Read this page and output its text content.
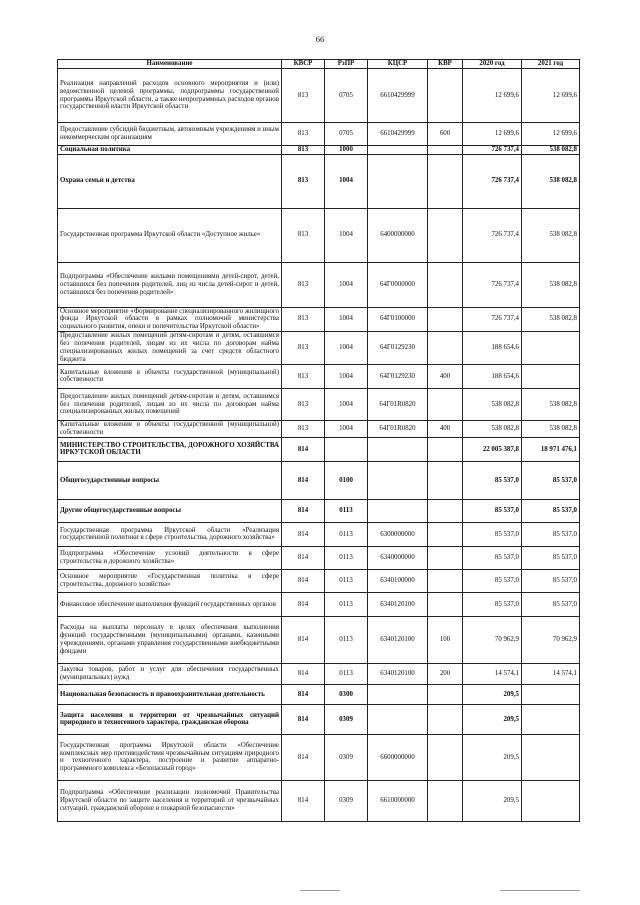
66
Наименование	КВСР	РзПР	КЦСР	КВР	2020 год	2021 год
Реализация направлений расходов основного мероприятия и (или) ведомственной целевой программы, подпрограммы государственной программы Иркутской области, а также непрограммных расходов органов государственной власти Иркутской области	813	0705	6610429999		12 699,6	12 699,6
Предоставление субсидий бюджетным, автономным учреждениям и иным некоммерческим организациям	813	0705	6610429999	600	12 699,6	12 699,6
Социальная политика	813	1000			726 737,4	538 082,8
Охрана семьи и детства	813	1004			726 737,4	538 082,8
Государственная программа Иркутской области «Доступное жилье»	813	1004	6400000000		726 737,4	538 082,8
Подпрограмма «Обеспечение жилыми помещениями детей-сирот, детей, оставшихся без попечения родителей, лиц из числа детей-сирот и детей, оставшихся без попечения родителей»	813	1004	64Г0000000		726 737,4	538 082,8
Основное мероприятие «Формирование специализированного жилищного фонда Иркутской области в рамках полномочий министерства социального развития, опеки и попечительства Иркутской области»	813	1004	64Г0100000		726 737,4	538 082,8
Предоставление жилых помещений детям-сиротам и детям, оставшимся без попечения родителей, лицам из их числа по договорам найма специализированных жилых помещений за счет средств областного бюджета	813	1004	64Г0129230		188 654,6	
Капитальные вложения в объекты государственной (муниципальной) собственности	813	1004	64Г0129230	400	188 654,6	
Предоставление жилых помещений детям-сиротам и детям, оставшимся без попечения родителей, лицам из их числа по договорам найма специализированных жилых помещений	813	1004	64Г01R0820		538 082,8	538 082,8
Капитальные вложения в объекты государственной (муниципальной) собственности	813	1004	64Г01R0820	400	538 082,8	538 082,8
МИНИСТЕРСТВО СТРОИТЕЛЬСТВА, ДОРОЖНОГО ХОЗЯЙСТВА ИРКУТСКОЙ ОБЛАСТИ	814				22 005 387,8	18 971 476,1
Общегосударственные вопросы	814	0100			85 537,0	85 537,0
Другие общегосударственные вопросы	814	0113			85 537,0	85 537,0
Государственная программа Иркутской области «Реализация государственной политики в сфере строительства, дорожного хозяйства»	814	0113	6300000000		85 537,0	85 537,0
Подпрограмма «Обеспечение условий деятельности в сфере строительства и дорожного хозяйства»	814	0113	6340000000		85 537,0	85 537,0
Основное мероприятие «Государственная политика в сфере строительства, дорожного хозяйства»	814	0113	6340100000		85 537,0	85 537,0
Финансовое обеспечение выполнения функций государственных органов	814	0113	6340120100		85 537,0	85 537,0
Расходы на выплаты персоналу в целях обеспечения выполнения функций государственными (муниципальными) органами, казенными учреждениями, органами управления государственными внебюджетными фондами	814	0113	6340120100	100	70 962,9	70 962,9
Закупка товаров, работ и услуг для обеспечения государственных (муниципальных) нужд	814	0113	6340120100	200	14 574,1	14 574,1
Национальная безопасность и правоохранительная деятельность	814	0300			209,5	
Защита населения и территории от чрезвычайных ситуаций природного и техногенного характера, гражданская оборона	814	0309			209,5	
Государственная программа Иркутской области «Обеспечение комплексных мер противодействия чрезвычайным ситуациям природного и техногенного характера, построение и развитие аппаратно-программного комплекса «Безопасный город»	814	0309	6600000000		209,5	
Подпрограмма «Обеспечение реализации полномочий Правительства Иркутской области по защите населения и территорий от чрезвычайных ситуаций, гражданской обороне и пожарной безопасности»	814	0309	6610000000		209,5	
